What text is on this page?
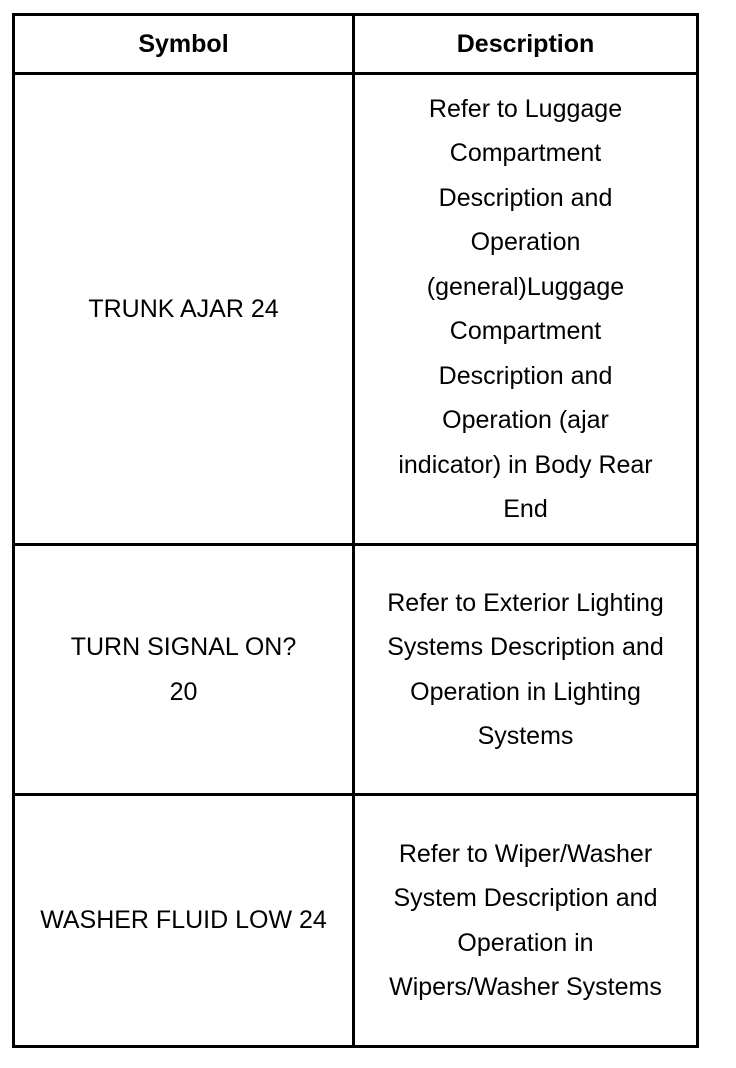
Symbol	Description
TRUNK AJAR 24	Refer to Luggage Compartment Description and Operation (general)Luggage Compartment Description and Operation (ajar indicator) in Body Rear End
TURN SIGNAL ON? 20	Refer to Exterior Lighting Systems Description and Operation in Lighting Systems
WASHER FLUID LOW 24	Refer to Wiper/Washer System Description and Operation in Wipers/Washer Systems
